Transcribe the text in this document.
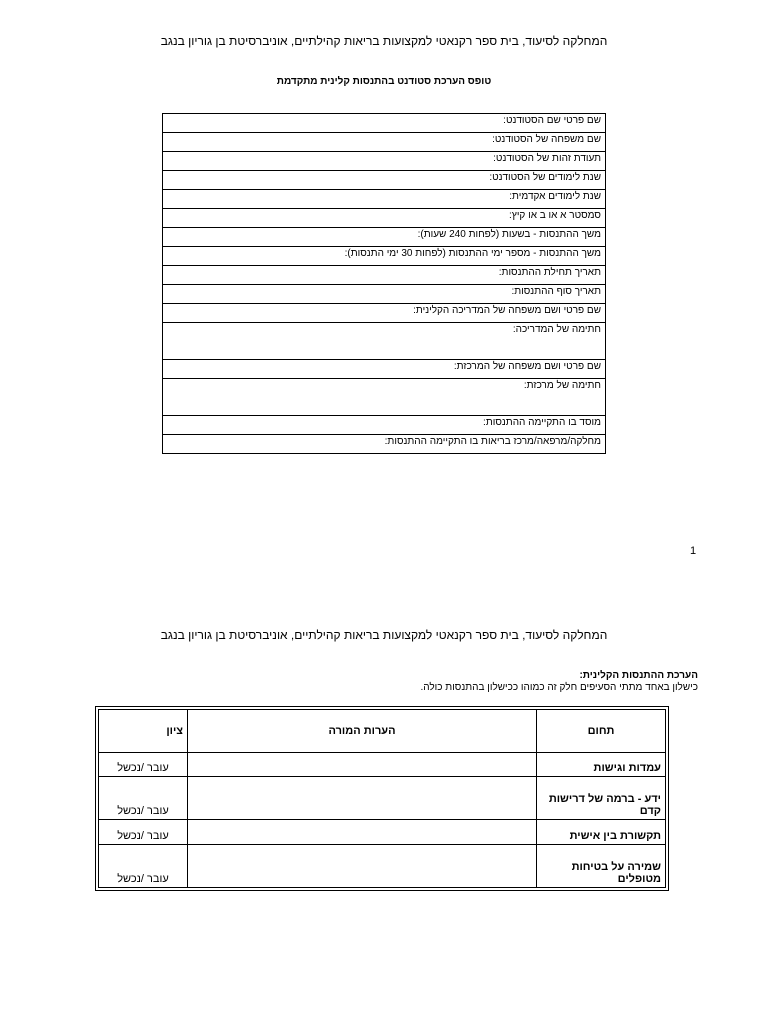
המחלקה לסיעוד, בית ספר רקנאטי למקצועות בריאות קהילתיים, אוניברסיטת בן גוריון בנגב
טופס הערכת סטודנט בהתנסות קלינית מתקדמת
שם פרטי שם הסטודנט:
שם משפחה של הסטודנט:
תעודת זהות של הסטודנט:
שנת לימודים של הסטודנט:
שנת לימודים אקדמית:
סמסטר א או ב או קיץ:
משך ההתנסות - בשעות (לפחות 240 שעות):
משך ההתנסות - מספר ימי ההתנסות (לפחות 30 ימי התנסות):
תאריך תחילת ההתנסות:
תאריך סוף ההתנסות:
שם פרטי ושם משפחה של המדריכה הקלינית:
חתימה של המדריכה:
שם פרטי ושם משפחה של המרכזת:
חתימה של מרכזת:
מוסד בו התקיימה ההתנסות:
מחלקה/מרפאה/מרכז בריאות בו התקיימה ההתנסות:
1
המחלקה לסיעוד, בית ספר רקנאטי למקצועות בריאות קהילתיים, אוניברסיטת בן גוריון בנגב
הערכת ההתנסות הקלינית:
כישלון באחד מתתי הסעיפים חלק זה כמוהו ככישלון בהתנסות כולה.
תחום	הערות המורה	ציון
עמדות וגישות		עובר /נכשל
ידע - ברמה של דרישות קדם		עובר /נכשל
תקשורת בין אישית		עובר /נכשל
שמירה על בטיחות מטופלים		עובר /נכשל
